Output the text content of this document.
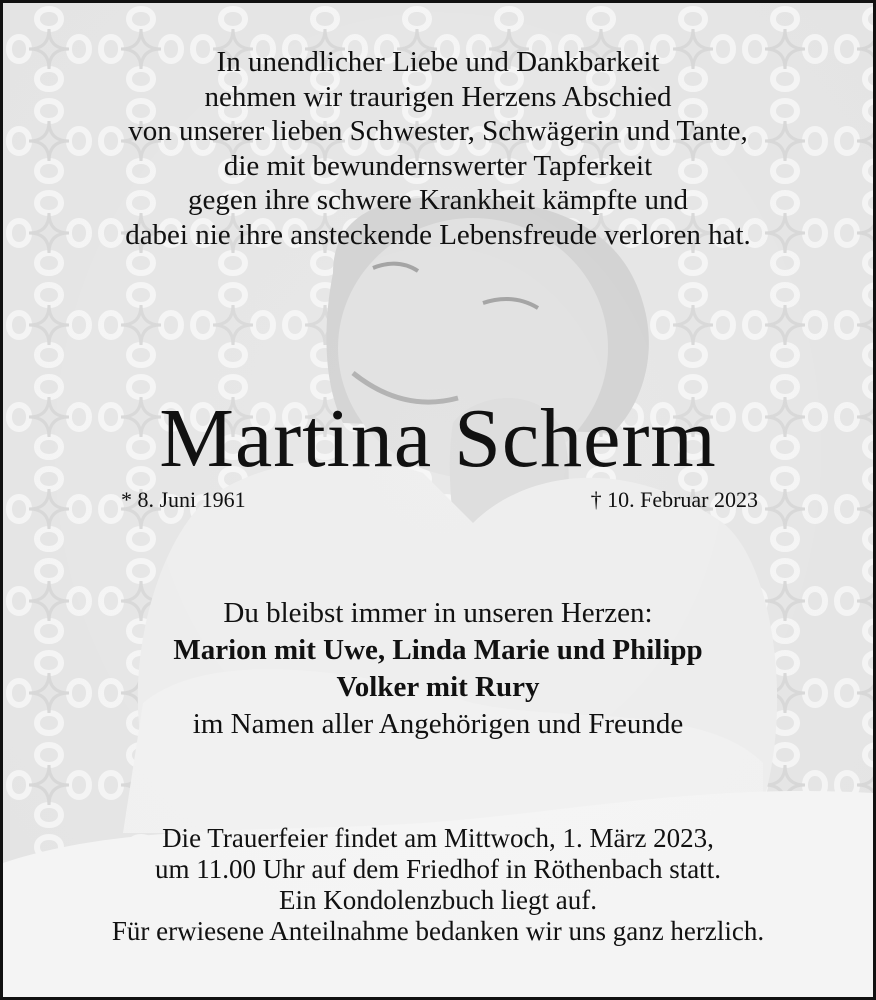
In unendlicher Liebe und Dankbarkeit
nehmen wir traurigen Herzens Abschied
von unserer lieben Schwester, Schwägerin und Tante,
die mit bewundernswerter Tapferkeit
gegen ihre schwere Krankheit kämpfte und
dabei nie ihre ansteckende Lebensfreude verloren hat.
Martina Scherm

* 8. Juni 1961	† 10. Februar 2023

Du bleibst immer in unseren Herzen:
Marion mit Uwe, Linda Marie und Philipp
Volker mit Rury
im Namen aller Angehörigen und Freunde
Die Trauerfeier findet am Mittwoch, 1. März 2023,
um 11.00 Uhr auf dem Friedhof in Röthenbach statt.
Ein Kondolenzbuch liegt auf.
Für erwiesene Anteilnahme bedanken wir uns ganz herzlich.
